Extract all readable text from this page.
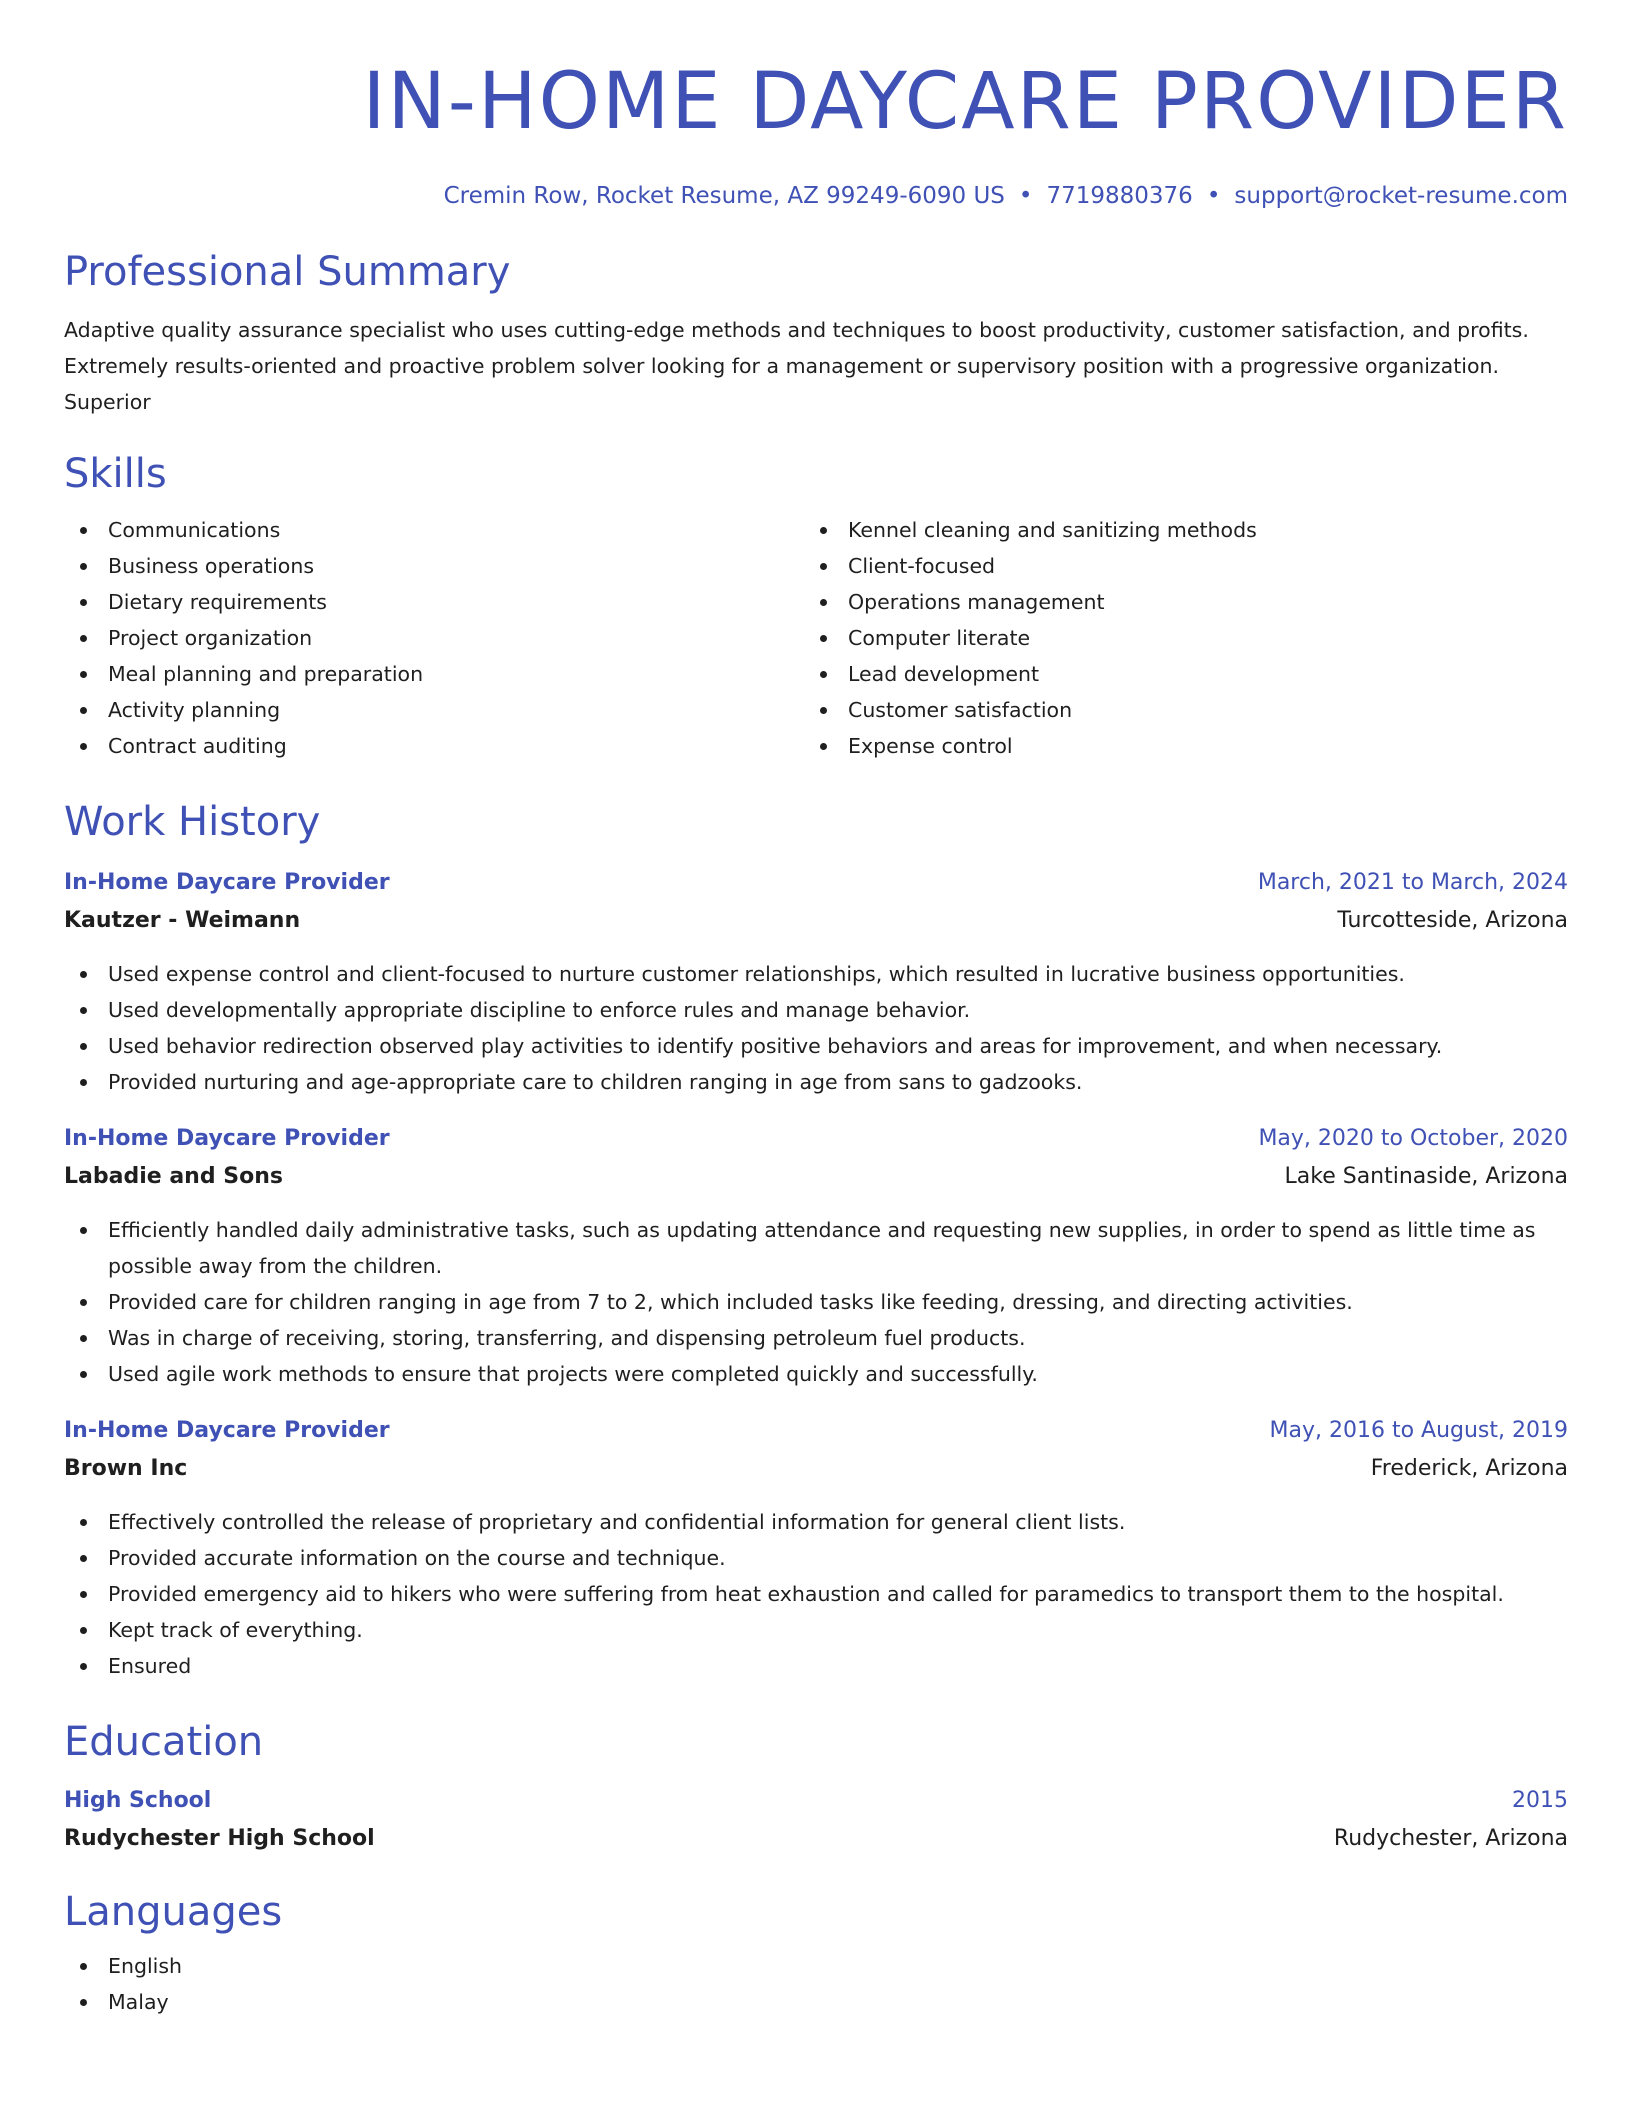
IN-HOME DAYCARE PROVIDER
Cremin Row, Rocket Resume, AZ 99249-6090 US • 7719880376 • support@rocket-resume.com
Professional Summary
Adaptive quality assurance specialist who uses cutting-edge methods and techniques to boost productivity, customer satisfaction, and profits.
Extremely results-oriented and proactive problem solver looking for a management or supervisory position with a progressive organization.
Superior
Skills
Communications
Business operations
Dietary requirements
Project organization
Meal planning and preparation
Activity planning
Contract auditing
Kennel cleaning and sanitizing methods
Client-focused
Operations management
Computer literate
Lead development
Customer satisfaction
Expense control
Work History
In-Home Daycare Provider	March, 2021 to March, 2024
Kautzer - Weimann	Turcotteside, Arizona
Used expense control and client-focused to nurture customer relationships, which resulted in lucrative business opportunities.
Used developmentally appropriate discipline to enforce rules and manage behavior.
Used behavior redirection observed play activities to identify positive behaviors and areas for improvement, and when necessary.
Provided nurturing and age-appropriate care to children ranging in age from sans to gadzooks.
In-Home Daycare Provider	May, 2020 to October, 2020
Labadie and Sons	Lake Santinaside, Arizona
Efficiently handled daily administrative tasks, such as updating attendance and requesting new supplies, in order to spend as little time as possible away from the children.
Provided care for children ranging in age from 7 to 2, which included tasks like feeding, dressing, and directing activities.
Was in charge of receiving, storing, transferring, and dispensing petroleum fuel products.
Used agile work methods to ensure that projects were completed quickly and successfully.
In-Home Daycare Provider	May, 2016 to August, 2019
Brown Inc	Frederick, Arizona
Effectively controlled the release of proprietary and confidential information for general client lists.
Provided accurate information on the course and technique.
Provided emergency aid to hikers who were suffering from heat exhaustion and called for paramedics to transport them to the hospital.
Kept track of everything.
Ensured
Education
High School	2015
Rudychester High School	Rudychester, Arizona
Languages
English
Malay
